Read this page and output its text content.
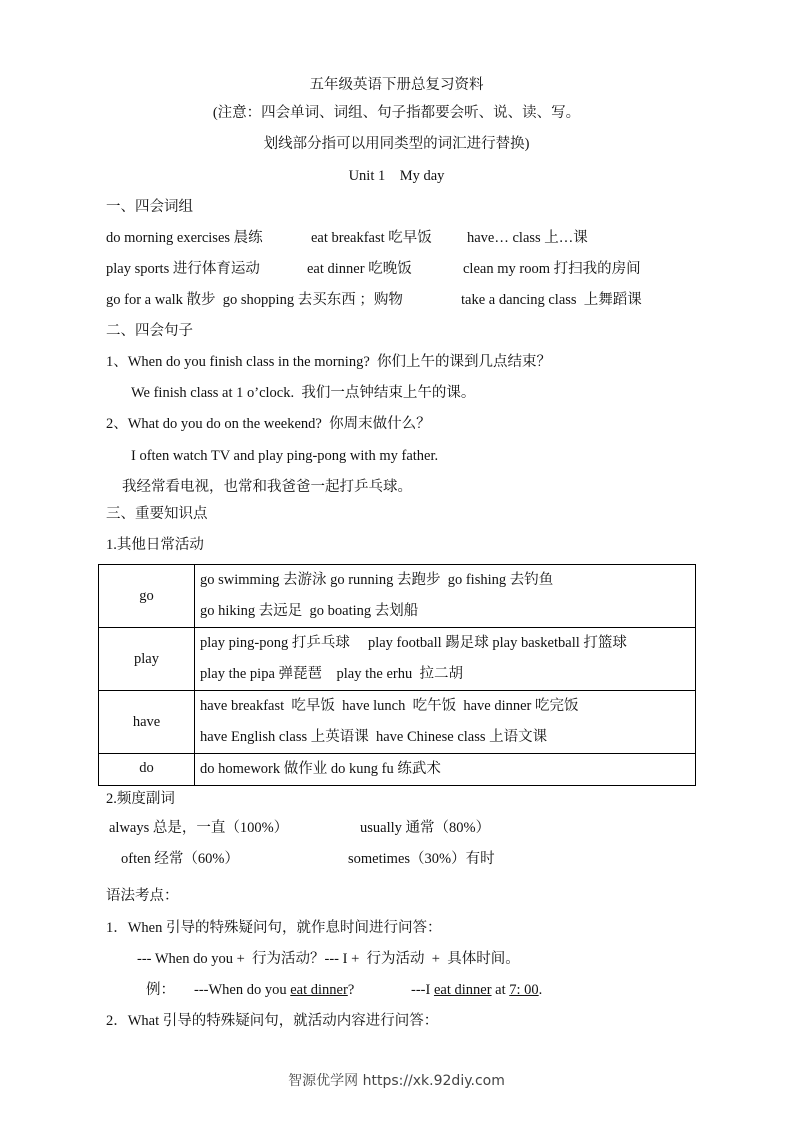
五年级英语下册总复习资料
(注意：四会单词、词组、句子指都要会听、说、读、写。
划线部分指可以用同类型的词汇进行替换)
Unit 1    My day
一、四会词组
do morning exercises 晨练	eat breakfast 吃早饭 have… class 上…课
play sports 进行体育运动	eat dinner 吃晚饭	clean my room 打扫我的房间
go for a walk 散步  go shopping 去买东西 ；购物	take a dancing class  上舞蹈课
二、四会句子
1、When do you finish class in the morning?  你们上午的课到几点结束？
We finish class at 1 o’clock.  我们一点钟结束上午的课。
2、What do you do on the weekend?  你周末做什么？
I often watch TV and play ping-pong with my father.
我经常看电视，也常和我爸爸一起打乒乓球。
三、重要知识点
1.其他日常活动
go	go swimming 去游泳 go running 去跑步  go fishing 去钓鱼
go hiking 去远足  go boating 去划船

play	play ping-pong 打乒乓球     play football 踢足球 play basketball 打篮球
play the pipa 弹琵琶    play the erhu  拉二胡

have	have breakfast  吃早饭  have lunch  吃午饭  have dinner 吃完饭
have English class 上英语课  have Chinese class 上语文课

do	do homework 做作业 do kung fu 练武术
2.频度副词
always 总是，一直（100%）	usually 通常（80%）
often 经常（60%）	sometimes（30%）有时
语法考点：
1．When 引导的特殊疑问句，就作息时间进行问答：
--- When do you +  行为活动？--- I +  行为活动  +  具体时间。
例： ---When do you eat dinner?	---I eat dinner at 7: 00.
2．What 引导的特殊疑问句，就活动内容进行问答：
智源优学网 https://xk.92diy.com
